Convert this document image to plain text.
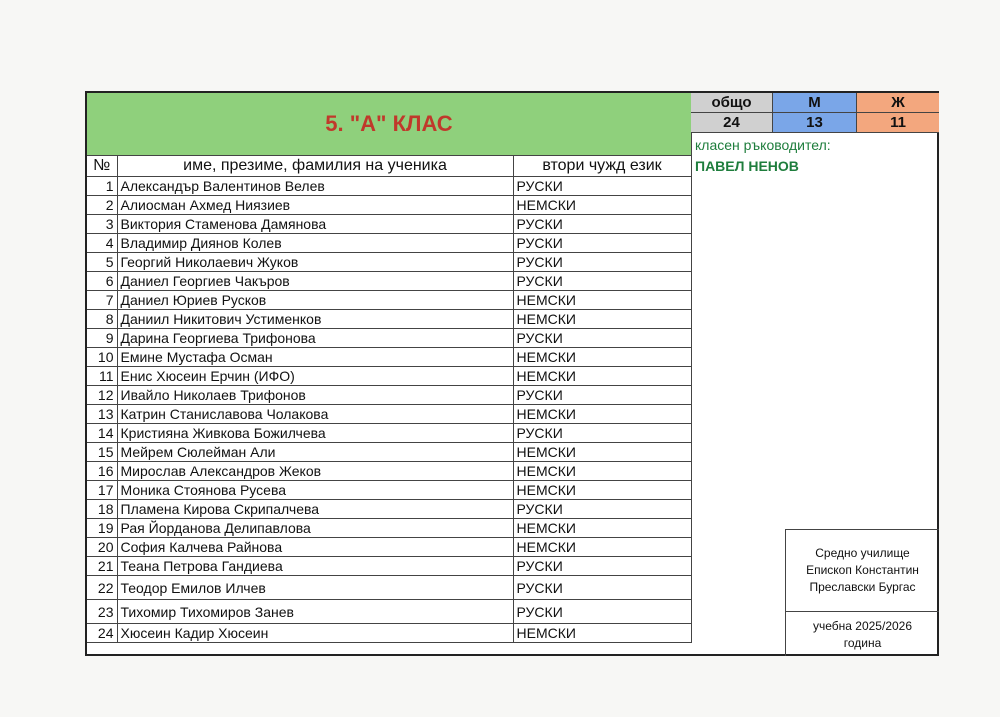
5. "А" КЛАС
общо	М	Ж
24	13	11
класен ръководител:
ПАВЕЛ НЕНОВ
№	име, презиме, фамилия на ученика	втори чужд език
1	Александър Валентинов Велев	РУСКИ
2	Алиосман Ахмед Ниязиев	НЕМСКИ
3	Виктория Стаменова Дамянова	РУСКИ
4	Владимир Диянов Колев	РУСКИ
5	Георгий Николаевич Жуков	РУСКИ
6	Даниел Георгиев Чакъров	РУСКИ
7	Даниел Юриев Русков	НЕМСКИ
8	Даниил Никитович Устименков	НЕМСКИ
9	Дарина Георгиева Трифонова	РУСКИ
10	Емине Мустафа Осман	НЕМСКИ
11	Енис Хюсеин Ерчин (ИФО)	НЕМСКИ
12	Ивайло Николаев Трифонов	РУСКИ
13	Катрин Станиславова Чолакова	НЕМСКИ
14	Кристияна Живкова Божилчева	РУСКИ
15	Мейрем Сюлейман Али	НЕМСКИ
16	Мирослав Александров Жеков	НЕМСКИ
17	Моника Стоянова Русева	НЕМСКИ
18	Пламена Кирова Скрипалчева	РУСКИ
19	Рая Йорданова Делипавлова	НЕМСКИ
20	София Калчева Райнова	НЕМСКИ
21	Теана Петрова Гандиева	РУСКИ
22	Теодор Емилов Илчев	РУСКИ
23	Тихомир Тихомиров Занев	РУСКИ
24	Хюсеин Кадир Хюсеин	НЕМСКИ
Средно училище
Епископ Константин
Преславски Бургас
учебна 2025/2026
година
